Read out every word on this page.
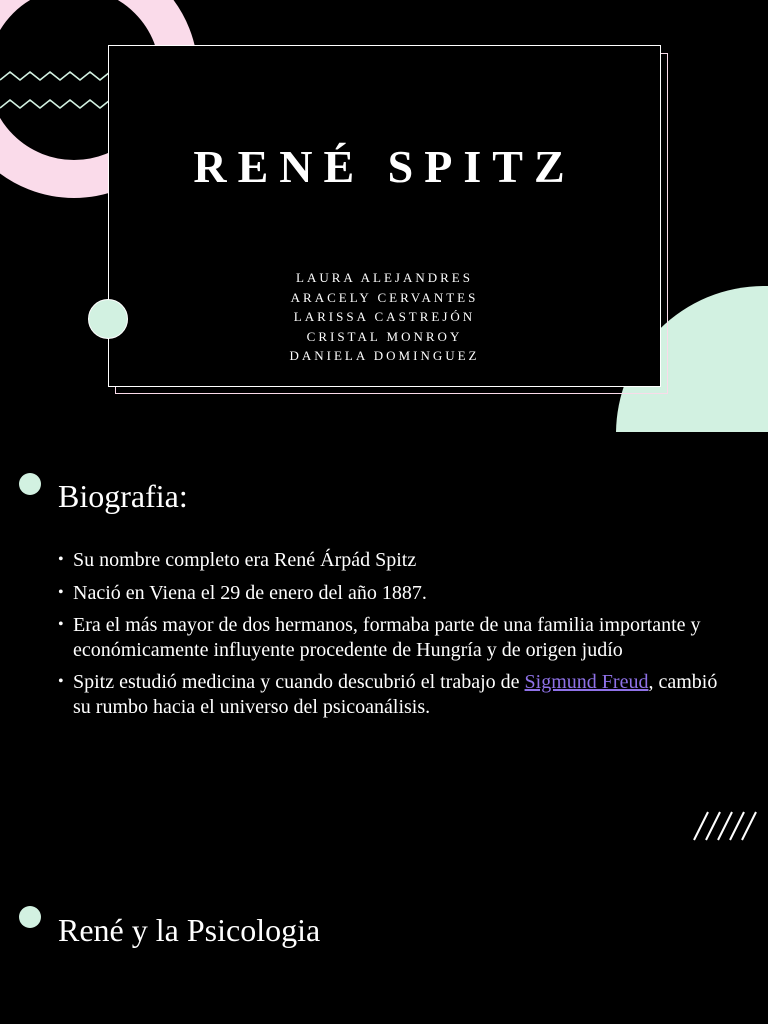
RENÉ SPITZ
LAURA ALEJANDRES
ARACELY CERVANTES
LARISSA CASTREJÓN
CRISTAL MONROY
DANIELA DOMINGUEZ
Biografia:
• Su nombre completo era René Árpád Spitz
• Nació en Viena el 29 de enero del año 1887.
• Era el más mayor de dos hermanos, formaba parte de una familia importante y económicamente influyente procedente de Hungría y de origen judío
• Spitz estudió medicina y cuando descubrió el trabajo de Sigmund Freud, cambió su rumbo hacia el universo del psicoanálisis.
René y la Psicologia
